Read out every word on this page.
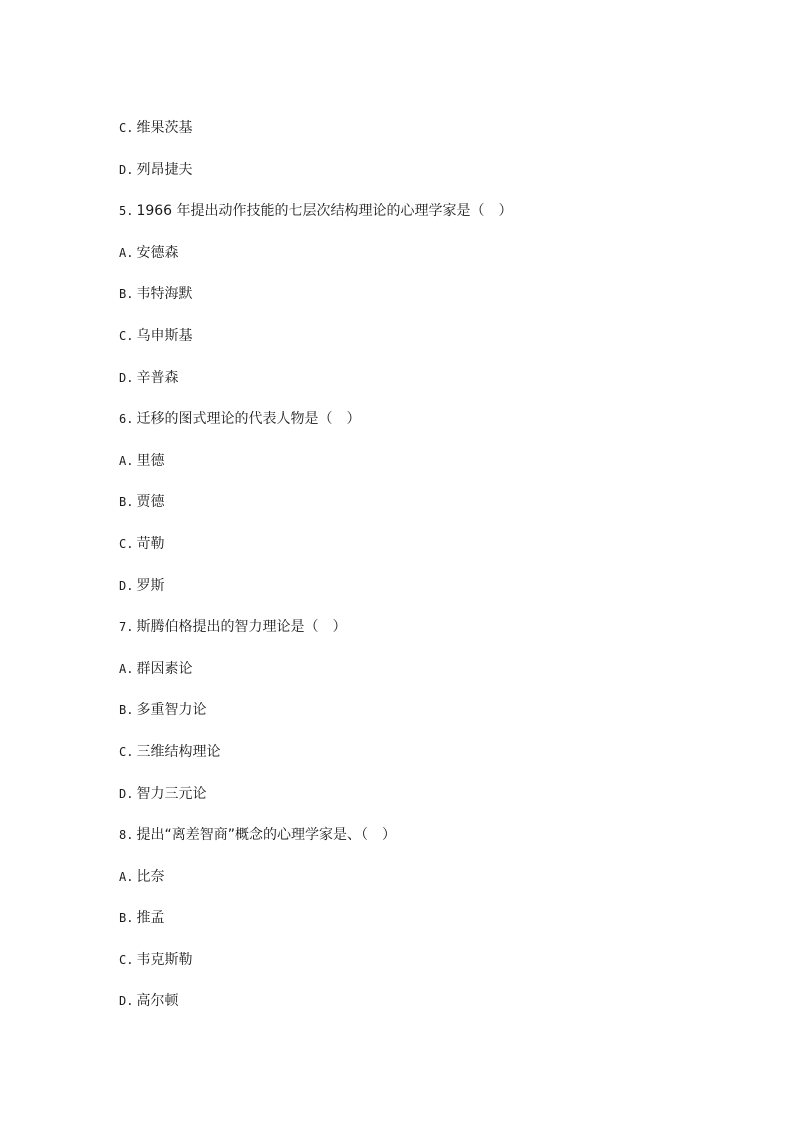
C. 维果茨基
D. 列昂捷夫
5. 1966 年提出动作技能的七层次结构理论的心理学家是（　）
A. 安德森
B. 韦特海默
C. 乌申斯基
D. 辛普森
6. 迁移的图式理论的代表人物是（　）
A. 里德
B. 贾德
C. 苛勒
D. 罗斯
7. 斯腾伯格提出的智力理论是（　）
A. 群因素论
B. 多重智力论
C. 三维结构理论
D. 智力三元论
8. 提出“离差智商”概念的心理学家是、（　）
A. 比奈
B. 推孟
C. 韦克斯勒
D. 高尔顿
